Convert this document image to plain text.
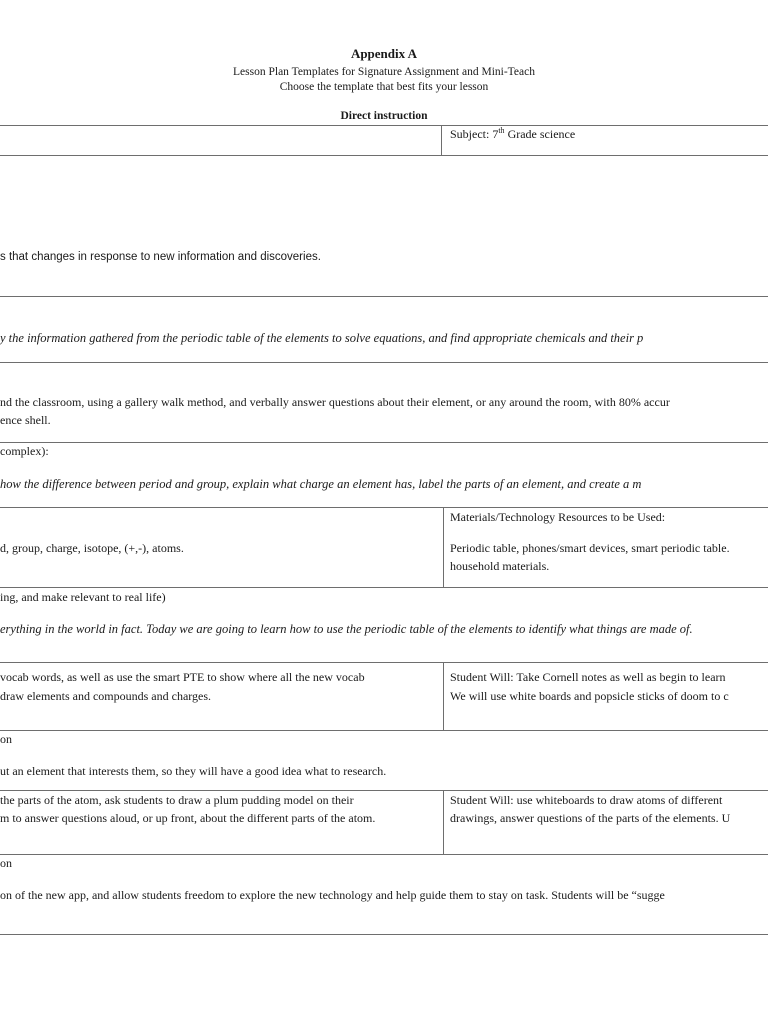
Appendix A
Lesson Plan Templates for Signature Assignment and Mini-Teach
Choose the template that best fits your lesson
Direct instruction
Subject: 7th Grade science
s that changes in response to new information and discoveries.
y the information gathered from the periodic table of the elements to solve equations, and find appropriate chemicals and their p
nd the classroom, using a gallery walk method, and verbally answer questions about their element, or any around the room, with 80% accur
ence shell.
complex):
how the difference between period and group, explain what charge an element has, label the parts of an element, and create a m
d, group, charge, isotope, (+,-), atoms.
Materials/Technology Resources to be Used:
Periodic table, phones/smart devices, smart periodic table.
household materials.
ing, and make relevant to real life)
erything in the world in fact. Today we are going to learn how to use the periodic table of the elements to identify what things are made of.
vocab words, as well as use the smart PTE to show where all the new vocab
draw elements and compounds and charges.
Student Will: Take Cornell notes as well as begin to learn
We will use white boards and popsicle sticks of doom to c
on
ut an element that interests them, so they will have a good idea what to research.
the parts of the atom, ask students to draw a plum pudding model on their
m to answer questions aloud, or up front, about the different parts of the atom.
Student Will: use whiteboards to draw atoms of different
drawings, answer questions of the parts of the elements. U
on
on of the new app, and allow students freedom to explore the new technology and help guide them to stay on task. Students will be “sugge
